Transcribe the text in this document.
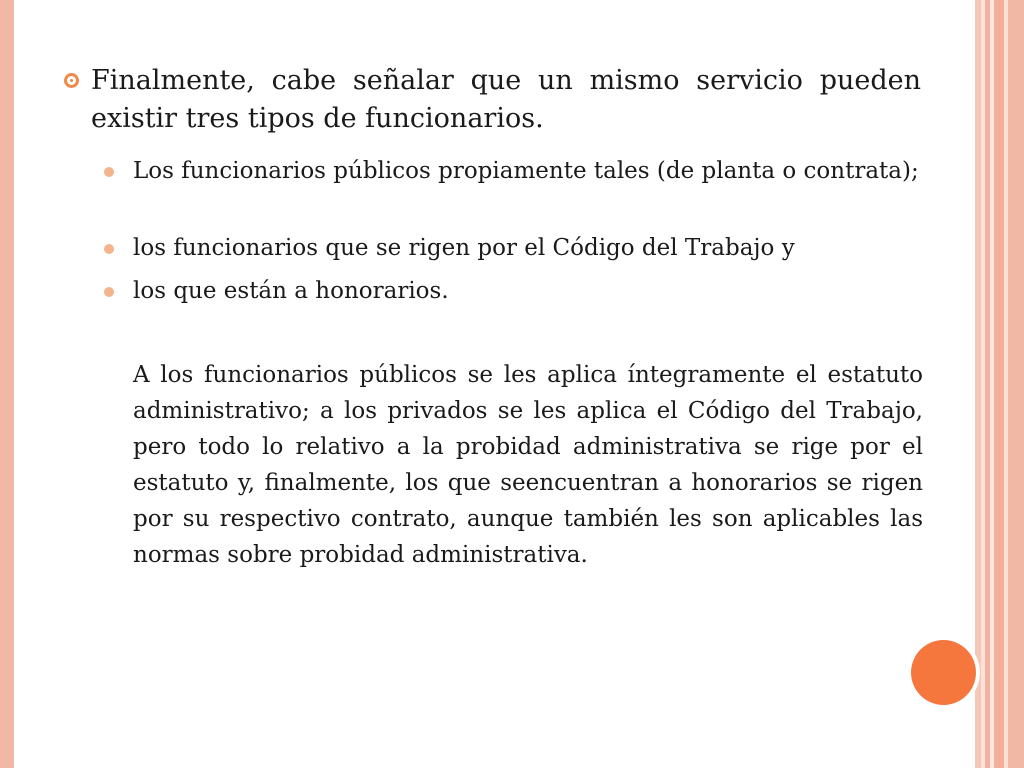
Finalmente, cabe señalar que un mismo servicio pueden existir tres tipos de funcionarios.
Los funcionarios públicos propiamente tales (de planta o contrata);
los funcionarios que se rigen por el Código del Trabajo y
los que están a honorarios.
A los funcionarios públicos se les aplica íntegramente el estatuto administrativo; a los privados se les aplica el Código del Trabajo, pero todo lo relativo a la probidad administrativa se rige por el estatuto y, finalmente, los que seencuentran a honorarios se rigen por su respectivo contrato, aunque también les son aplicables las normas sobre probidad administrativa.
